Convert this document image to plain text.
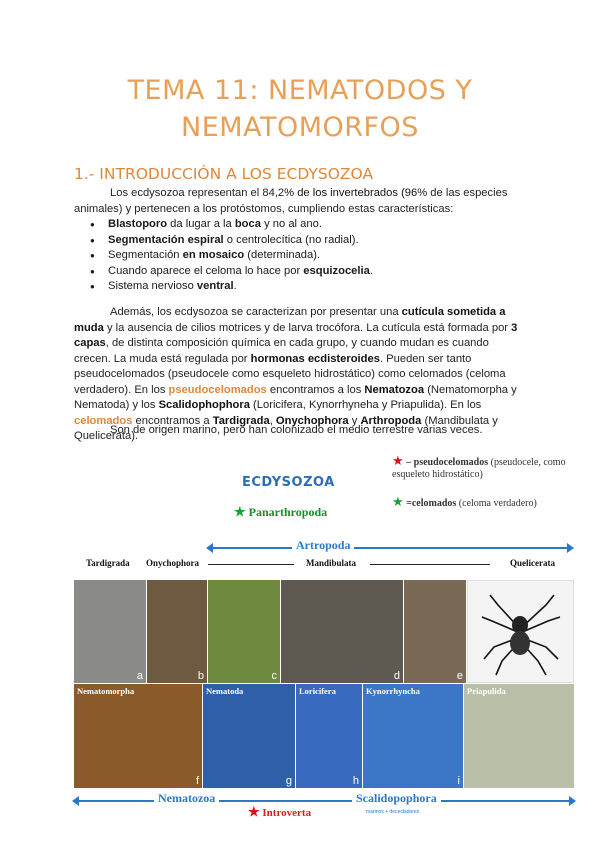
TEMA 11: NEMATODOS Y
NEMATOMORFOS
1.- INTRODUCCIÓN A LOS ECDYSOZOA
Los ecdysozoa representan el 84,2% de los invertebrados (96% de las especies animales) y pertenecen a los protóstomos, cumpliendo estas características:
● Blastoporo da lugar a la boca y no al ano.
● Segmentación espiral o centrolecítica (no radial).
● Segmentación en mosaico (determinada).
● Cuando aparece el celoma lo hace por esquizocelia.
● Sistema nervioso ventral.
Además, los ecdysozoa se caracterizan por presentar una cutícula sometida a muda y la ausencia de cilios motrices y de larva trocófora. La cutícula está formada por 3 capas, de distinta composición química en cada grupo, y cuando mudan es cuando crecen. La muda está regulada por hormonas ecdisteroides. Pueden ser tanto pseudocelomados (pseudocele como esqueleto hidrostático) como celomados (celoma verdadero). En los pseudocelomados encontramos a los Nematozoa (Nematomorpha y Nematoda) y los Scalidophophora (Loricifera, Kynorrhyneha y Priapulida). En los celomados encontramos a Tardigrada, Onychophora y Arthropoda (Mandibulata y Quelicerata).
Son de origen marino, pero han colonizado el medio terrestre varias veces.
ECDYSOZOA
★ – pseudocelomados (pseudocele, como esqueleto hidrostático)
★ =celomados (celoma verdadero)
★ Panarthropoda
Artropoda
Tardigrada Onychophora	Mandibulata	Quelicerata
a	b	c	d	e
Nematomorpha
f
Nematoda
g
Loricifera
h
Kynorrhyncha
i
Priapulida
Nematozoa	Scalidopophora
marinos + dececladores
★ Introverta
